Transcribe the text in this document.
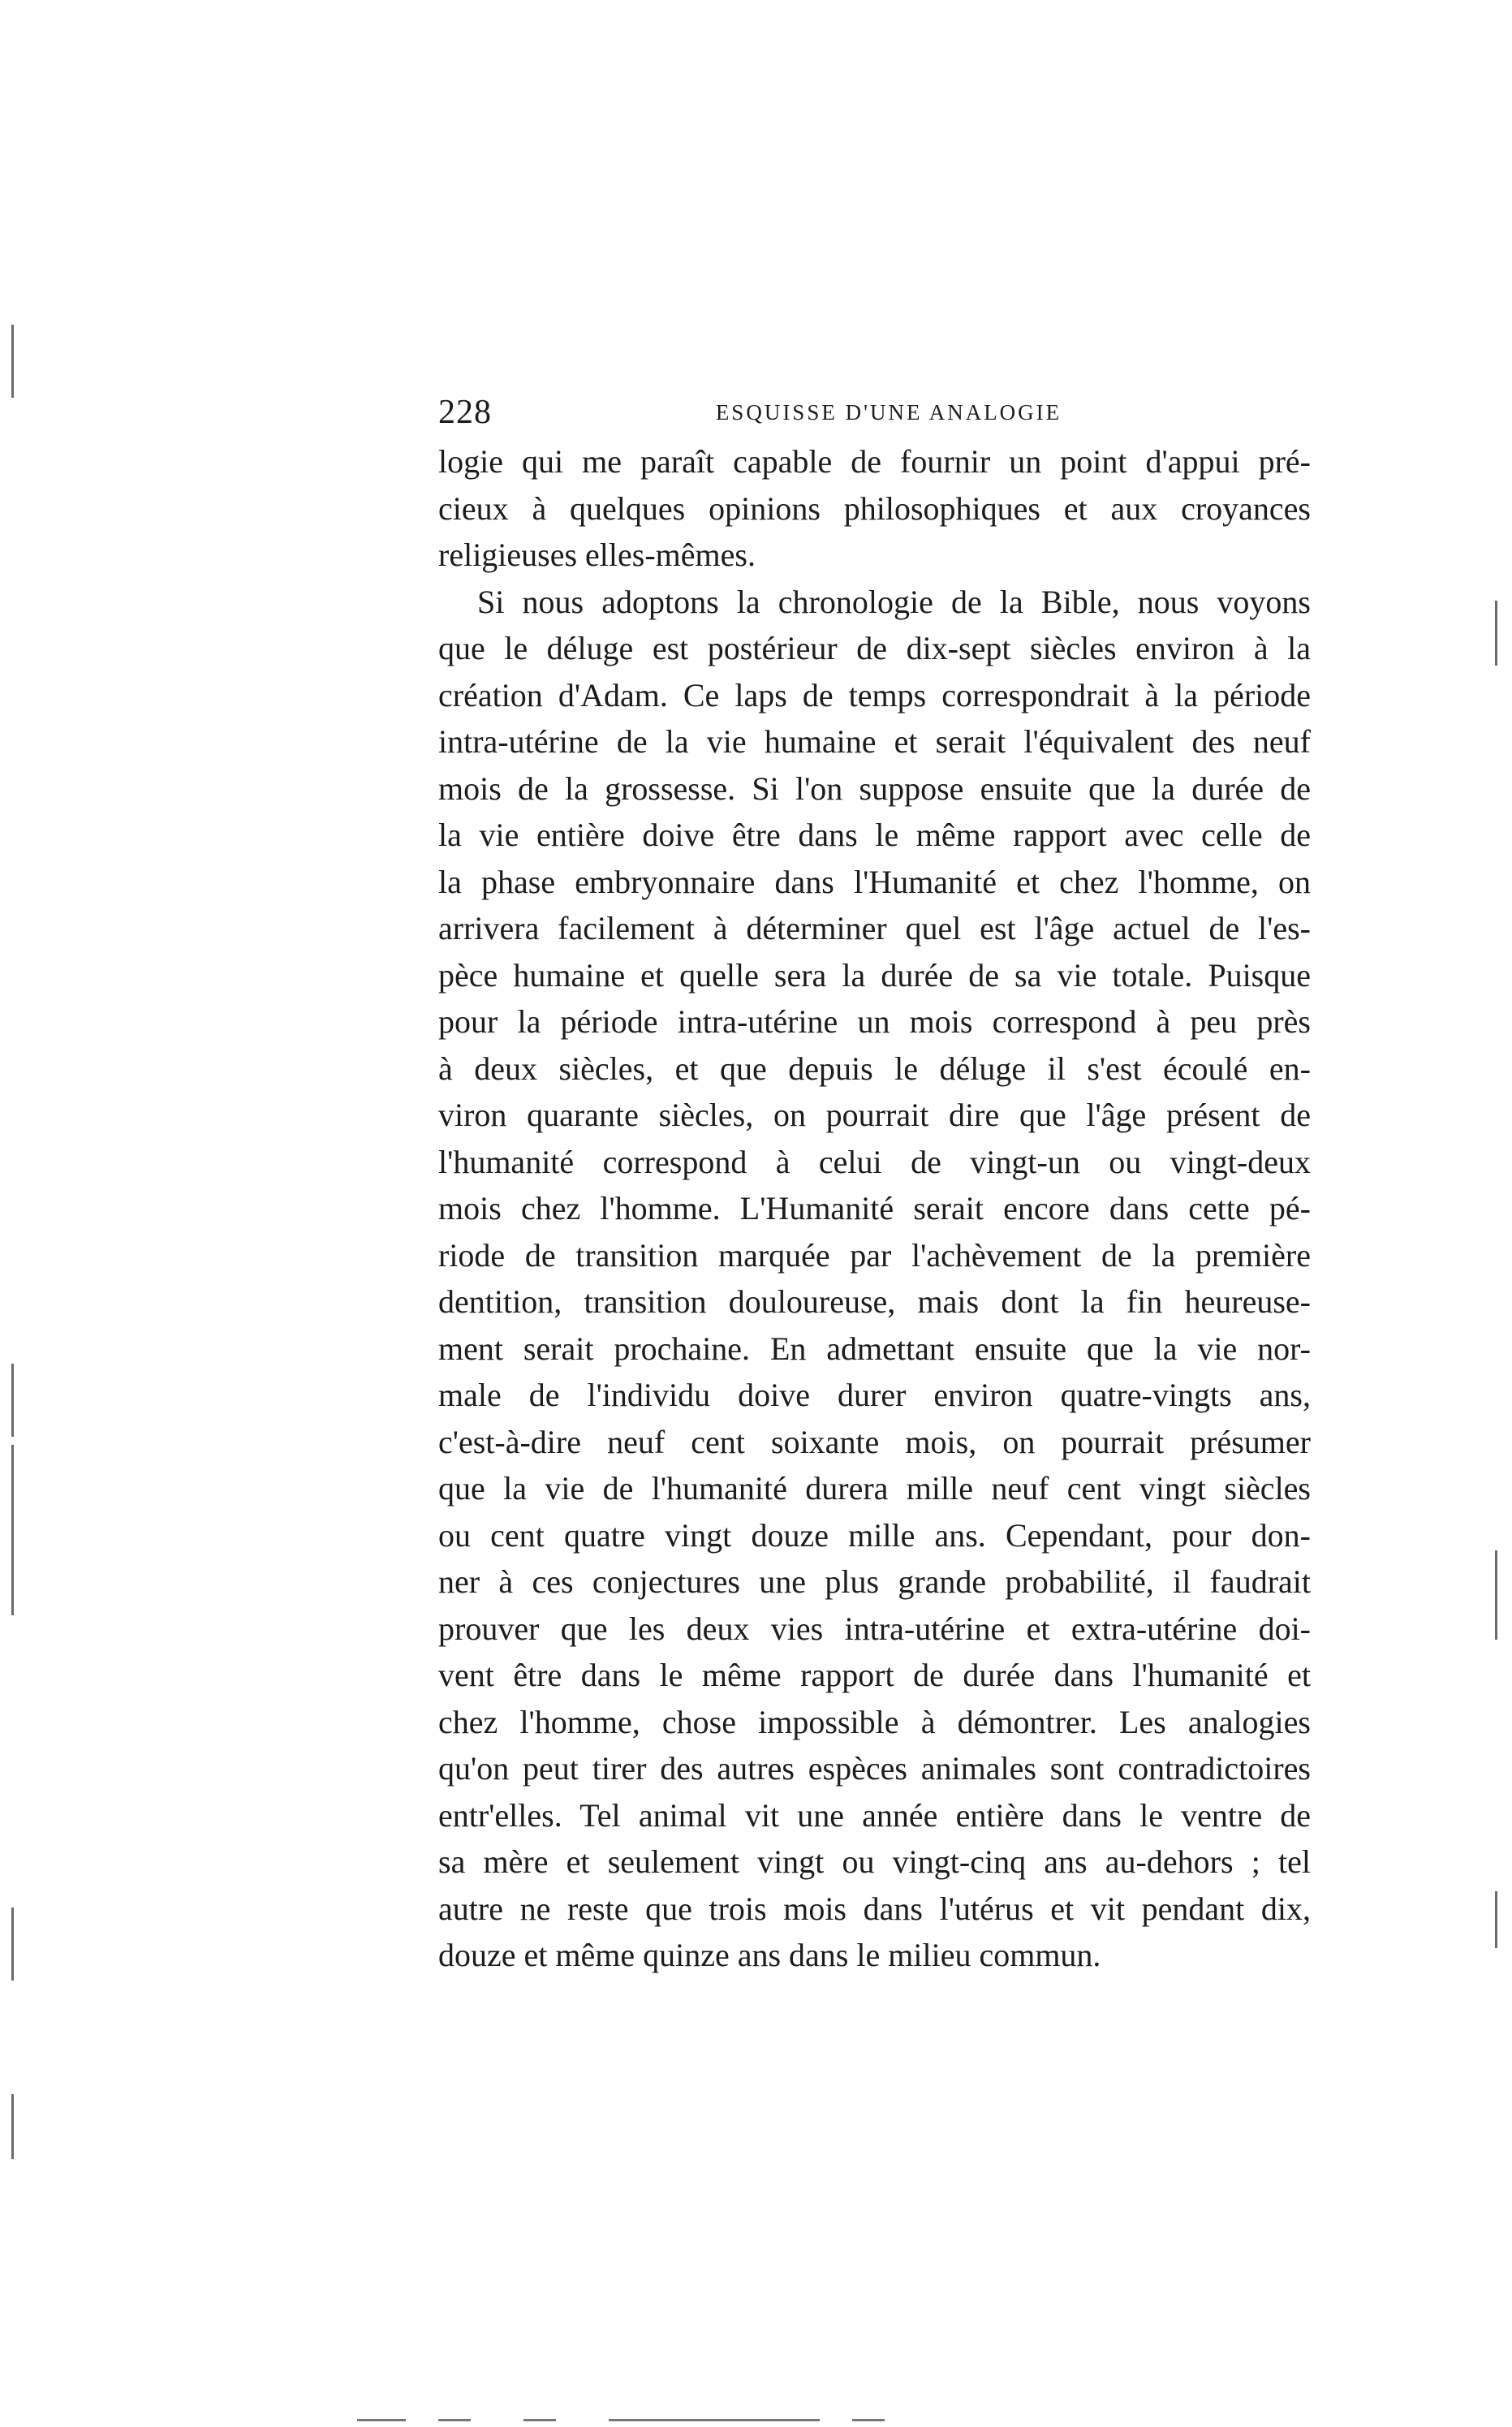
228	ESQUISSE D'UNE ANALOGIE
logie qui me paraît capable de fournir un point d'appui pré-
cieux à quelques opinions philosophiques et aux croyances
religieuses elles-mêmes.
Si nous adoptons la chronologie de la Bible, nous voyons
que le déluge est postérieur de dix-sept siècles environ à la
création d'Adam. Ce laps de temps correspondrait à la période
intra-utérine de la vie humaine et serait l'équivalent des neuf
mois de la grossesse. Si l'on suppose ensuite que la durée de
la vie entière doive être dans le même rapport avec celle de
la phase embryonnaire dans l'Humanité et chez l'homme, on
arrivera facilement à déterminer quel est l'âge actuel de l'es-
pèce humaine et quelle sera la durée de sa vie totale. Puisque
pour la période intra-utérine un mois correspond à peu près
à deux siècles, et que depuis le déluge il s'est écoulé en-
viron quarante siècles, on pourrait dire que l'âge présent de
l'humanité correspond à celui de vingt-un ou vingt-deux
mois chez l'homme. L'Humanité serait encore dans cette pé-
riode de transition marquée par l'achèvement de la première
dentition, transition douloureuse, mais dont la fin heureuse-
ment serait prochaine. En admettant ensuite que la vie nor-
male de l'individu doive durer environ quatre-vingts ans,
c'est-à-dire neuf cent soixante mois, on pourrait présumer
que la vie de l'humanité durera mille neuf cent vingt siècles
ou cent quatre vingt douze mille ans. Cependant, pour don-
ner à ces conjectures une plus grande probabilité, il faudrait
prouver que les deux vies intra-utérine et extra-utérine doi-
vent être dans le même rapport de durée dans l'humanité et
chez l'homme, chose impossible à démontrer. Les analogies
qu'on peut tirer des autres espèces animales sont contradictoires
entr'elles. Tel animal vit une année entière dans le ventre de
sa mère et seulement vingt ou vingt-cinq ans au-dehors ; tel
autre ne reste que trois mois dans l'utérus et vit pendant dix,
douze et même quinze ans dans le milieu commun.
